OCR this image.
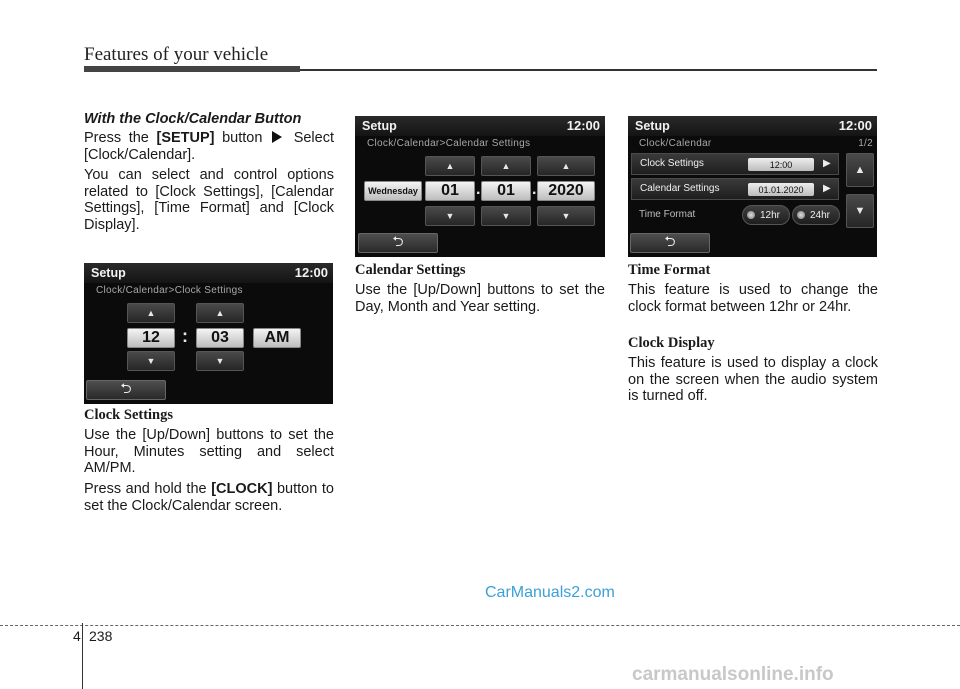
Features of your vehicle
With the Clock/Calendar Button
Press the [SETUP] button  Select [Clock/Calendar].
You can select and control options related to [Clock Settings], [Calendar Settings], [Time Format] and [Clock Display].
Setup	12:00
Clock/Calendar>Clock Settings
▲	▲
12	:	03	AM
▼	▼
⮌
Clock Settings
Use the [Up/Down] buttons to set the Hour, Minutes setting and select AM/PM.
Press and hold the [CLOCK] button to set the Clock/Calendar screen.
Setup	12:00
Clock/Calendar>Calendar Settings
▲	▲	▲
Wednesday	01	.	01	. 2020
▼	▼	▼
⮌
Calendar Settings
Use the [Up/Down] buttons to set the Day, Month and Year setting.
Setup	12:00
Clock/Calendar	1/2
Clock Settings	12:00	▶
Calendar Settings	01.01.2020	▶
Time Format	12hr	24hr
▲
▼
⮌
Time Format
This feature is used to change the clock format between 12hr or 24hr.
Clock Display
This feature is used to display a clock on the screen when the audio system is turned off.
CarManuals2.com
4 238
carmanualsonline.info
